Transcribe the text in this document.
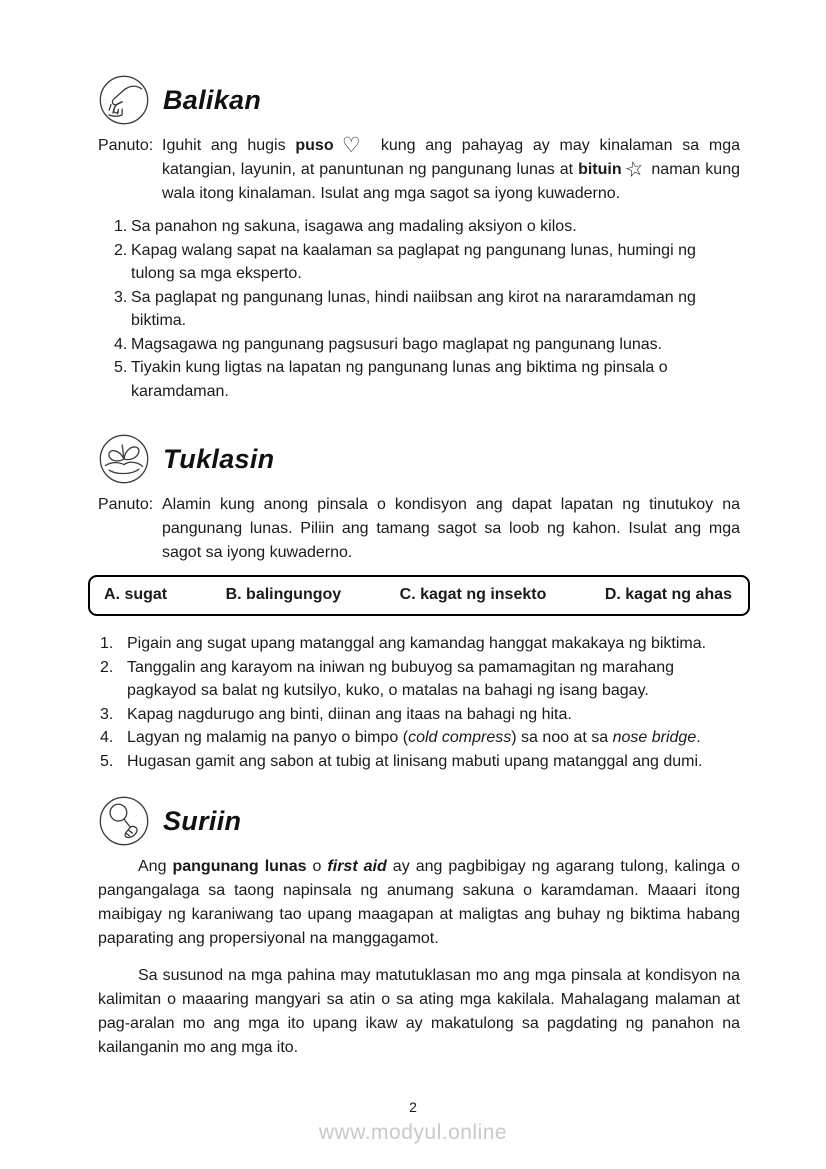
Balikan
Panuto: Iguhit ang hugis puso ♡ kung ang pahayag ay may kinalaman sa mga katangian, layunin, at panuntunan ng pangunang lunas at bituin☆ naman kung wala itong kinalaman. Isulat ang mga sagot sa iyong kuwaderno.
1. Sa panahon ng sakuna, isagawa ang madaling aksiyon o kilos.
2. Kapag walang sapat na kaalaman sa paglapat ng pangunang lunas, humingi ng tulong sa mga eksperto.
3. Sa paglapat ng pangunang lunas, hindi naiibsan ang kirot na nararamdaman ng biktima.
4. Magsagawa ng pangunang pagsusuri bago maglapat ng pangunang lunas.
5. Tiyakin kung ligtas na lapatan ng pangunang lunas ang biktima ng pinsala o karamdaman.
Tuklasin
Panuto: Alamin kung anong pinsala o kondisyon ang dapat lapatan ng tinutukoy na pangunang lunas. Piliin ang tamang sagot sa loob ng kahon. Isulat ang mga sagot sa iyong kuwaderno.
A. sugat	B. balingungoy	C. kagat ng insekto	D. kagat ng ahas
1. Pigain ang sugat upang matanggal ang kamandag hanggat makakaya ng biktima.
2. Tanggalin ang karayom na iniwan ng bubuyog sa pamamagitan ng marahang pagkayod sa balat ng kutsilyo, kuko, o matalas na bahagi ng isang bagay.
3. Kapag nagdurugo ang binti, diinan ang itaas na bahagi ng hita.
4. Lagyan ng malamig na panyo o bimpo (cold compress) sa noo at sa nose bridge.
5. Hugasan gamit ang sabon at tubig at linisang mabuti upang matanggal ang dumi.
Suriin

Ang pangunang lunas o first aid ay ang pagbibigay ng agarang tulong, kalinga o pangangalaga sa taong napinsala ng anumang sakuna o karamdaman. Maaari itong maibigay ng karaniwang tao upang maagapan at maligtas ang buhay ng biktima habang paparating ang propersiyonal na manggagamot.

Sa susunod na mga pahina may matutuklasan mo ang mga pinsala at kondisyon na kalimitan o maaaring mangyari sa atin o sa ating mga kakilala. Mahalagang malaman at pag-aralan mo ang mga ito upang ikaw ay makatulong sa pagdating ng panahon na kailanganin mo ang mga ito.

2
www.modyul.online
